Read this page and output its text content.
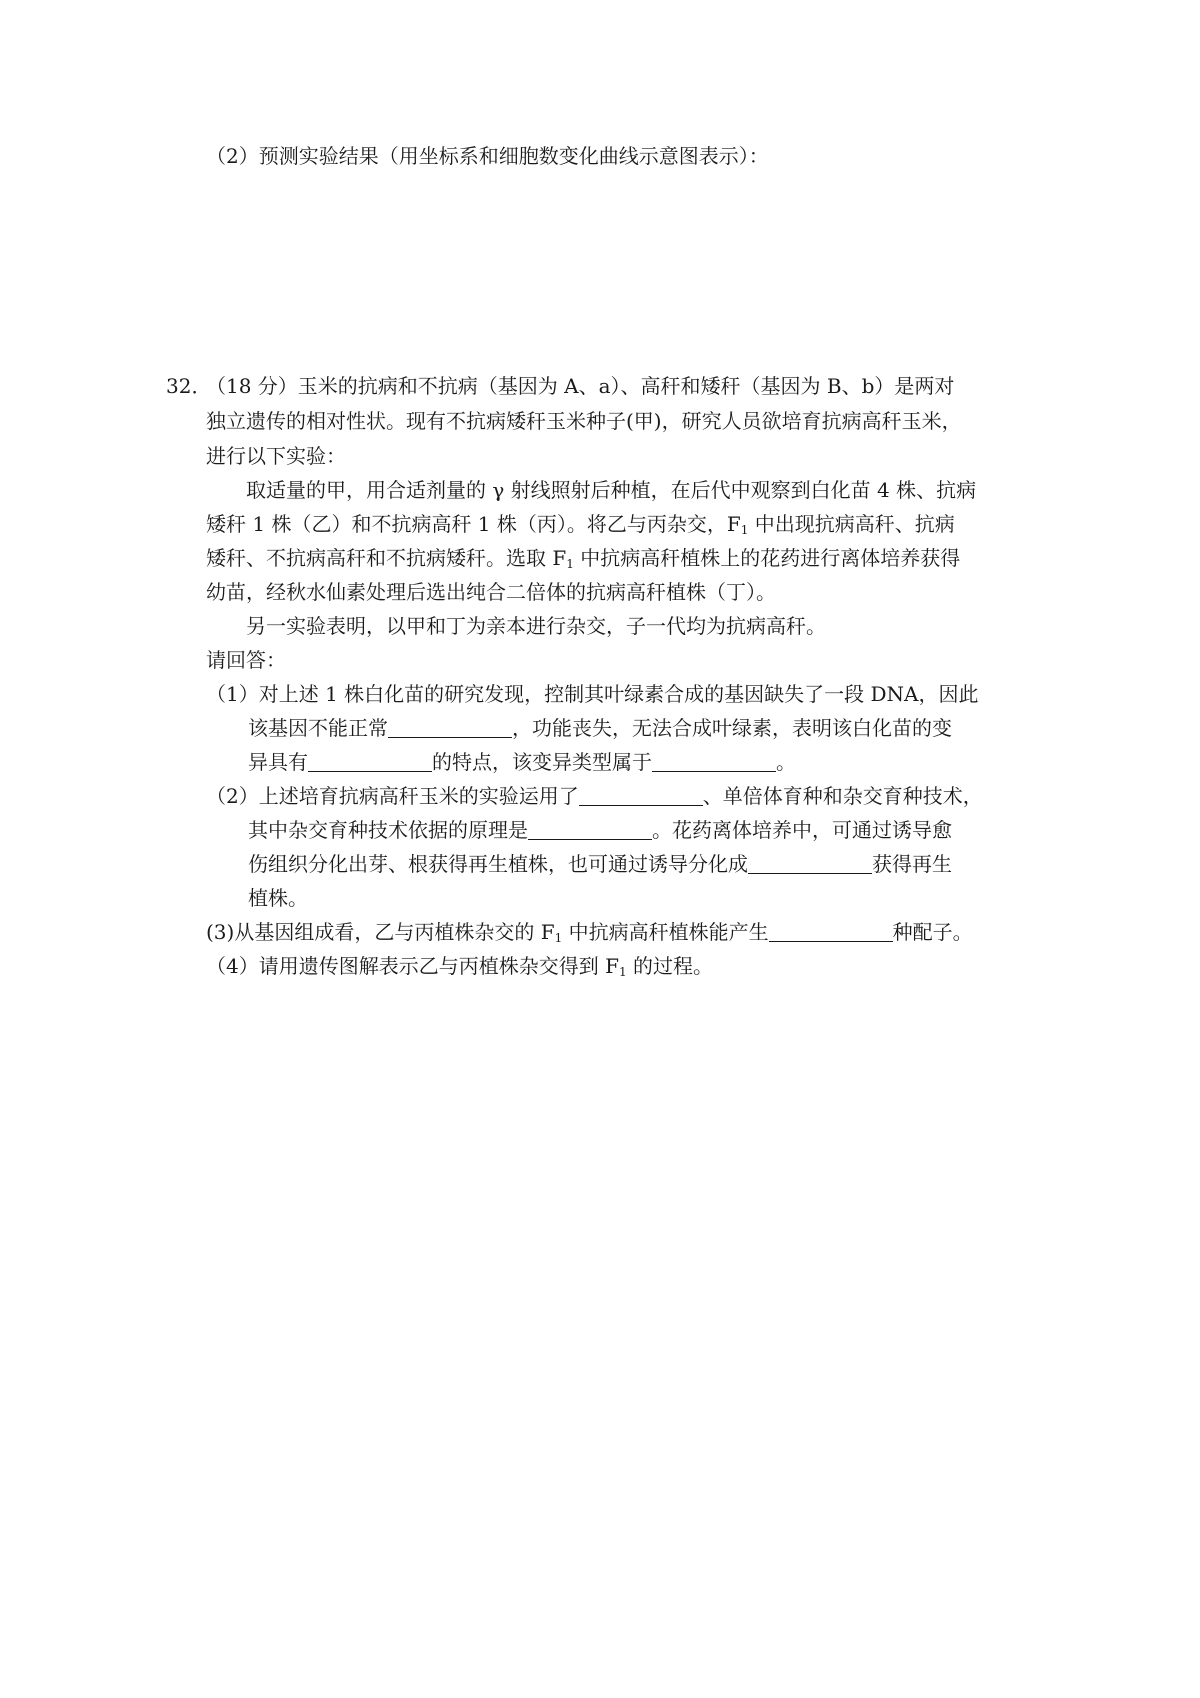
（2）预测实验结果（用坐标系和细胞数变化曲线示意图表示）：
32．
（18 分）玉米的抗病和不抗病（基因为 A、a）、高秆和矮秆（基因为 B、b）是两对
独立遗传的相对性状。现有不抗病矮秆玉米种子(甲)，研究人员欲培育抗病高秆玉米，
进行以下实验：
取适量的甲，用合适剂量的 γ 射线照射后种植，在后代中观察到白化苗 4 株、抗病
矮秆 1 株（乙）和不抗病高秆 1 株（丙）。将乙与丙杂交，$F_1$ 中出现抗病高秆、抗病
矮秆、不抗病高秆和不抗病矮秆。选取 $F_1$ 中抗病高秆植株上的花药进行离体培养获得
幼苗，经秋水仙素处理后选出纯合二倍体的抗病高秆植株（丁）。
另一实验表明，以甲和丁为亲本进行杂交，子一代均为抗病高秆。
请回答：
（1）对上述 1 株白化苗的研究发现，控制其叶绿素合成的基因缺失了一段 DNA，因此
该基因不能正常	，功能丧失，无法合成叶绿素，表明该白化苗的变
异具有	的特点，该变异类型属于	。
（2）上述培育抗病高秆玉米的实验运用了	、单倍体育种和杂交育种技术，
其中杂交育种技术依据的原理是	。花药离体培养中，可通过诱导愈
伤组织分化出芽、根获得再生植株，也可通过诱导分化成	获得再生
植株。
(3)从基因组成看，乙与丙植株杂交的 $F_1$ 中抗病高秆植株能产生	种配子。
（4）请用遗传图解表示乙与丙植株杂交得到 $F_1$ 的过程。
